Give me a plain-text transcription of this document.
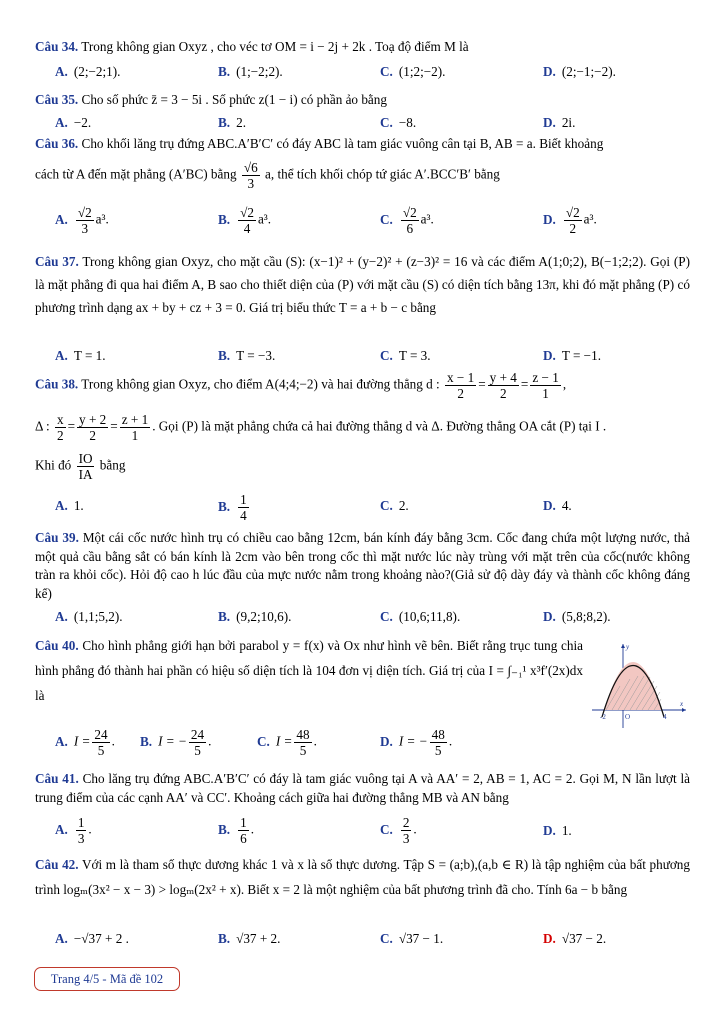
Câu 34. Trong không gian Oxyz , cho véc tơ OM = i − 2j + 2k . Toạ độ điểm M là
A. (2;−2;1).	B. (1;−2;2).	C. (1;2;−2).	D. (2;−1;−2).
Câu 35. Cho số phức z̄ = 3 − 5i . Số phức z(1 − i) có phần ảo bằng
A. −2.	B. 2.	C. −8.	D. 2i.
Câu 36. Cho khối lăng trụ đứng ABC.A′B′C′ có đáy ABC là tam giác vuông cân tại B, AB = a. Biết khoảng
cách từ A đến mặt phẳng (A′BC) bằng $\frac{√6}{3} a$, thể tích khối chóp tứ giác A′.BCC′B′ bằng
A. $\frac{√2}{3} a^3$.	B. $\frac{√2}{4} a^3$.	C. $\frac{√2}{6} a^3$.	D. $\frac{√2}{2} a^3$.
Câu 37. Trong không gian Oxyz, cho mặt cầu (S): (x−1)² + (y−2)² + (z−3)² = 16 và các điểm A(1;0;2), B(−1;2;2). Gọi (P) là mặt phẳng đi qua hai điểm A, B sao cho thiết diện của (P) với mặt cầu (S) có diện tích bằng 13π, khi đó mặt phẳng (P) có phương trình dạng ax + by + cz + 3 = 0. Giá trị biểu thức T = a + b − c bằng
A. T = 1.	B. T = −3.	C. T = 3.	D. T = −1.
Câu 38. Trong không gian Oxyz, cho điểm A(4;4;−2) và hai đường thẳng d : $\frac{x - 1}{2} = \frac{y + 4}{2} = \frac{z - 1}{1}$ ,
Δ : $\frac{x}{2} = \frac{y + 2}{2} = \frac{z + 1}{1}$ . Gọi (P) là mặt phẳng chứa cả hai đường thẳng d và Δ. Đường thẳng OA cắt (P) tại I .
Khi đó $\frac{IO}{IA}$ bằng
A. 1.	B. $\frac{1}{4}$	C. 2.	D. 4.
Câu 39. Một cái cốc nước hình trụ có chiều cao bằng 12cm, bán kính đáy bằng 3cm. Cốc đang chứa một lượng nước, thả một quả cầu bằng sắt có bán kính là 2cm vào bên trong cốc thì mặt nước lúc này trùng với mặt trên của cốc(nước không tràn ra khỏi cốc). Hỏi độ cao h lúc đầu của mực nước nằm trong khoảng nào?(Giả sử độ dày đáy và thành cốc không đáng kể)
A. (1,1;5,2).	B. (9,2;10,6).	C. (10,6;11,8).	D. (5,8;8,2).
Câu 40. Cho hình phẳng giới hạn bởi parabol y = f(x) và Ox như hình vẽ bên. Biết rằng trục tung chia hình phẳng đó thành hai phần có hiệu số diện tích là 104 đơn vị diện tích. Giá trị của I = ∫₋₁¹ x³f′(2x)dx là
y
x
O
-2	4
A. $I = \frac{24}{5}$ . B. I = − $\frac{24}{5}$ .	C. $I = \frac{48}{5}$ .	D. I = − $\frac{48}{5}$ .
Câu 41. Cho lăng trụ đứng ABC.A′B′C′ có đáy là tam giác vuông tại A và AA′ = 2, AB = 1, AC = 2. Gọi M, N lần lượt là trung điểm của các cạnh AA′ và CC′. Khoảng cách giữa hai đường thẳng MB và AN bằng
A. $\frac{1}{3}$ .	B. $\frac{1}{6}$ .	C. $\frac{2}{3}$ .	D. 1.
Câu 42. Với m là tham số thực dương khác 1 và x là số thực dương. Tập S = (a;b),(a,b ∈ R) là tập nghiệm của bất phương trình logₘ(3x² − x − 3) > logₘ(2x² + x). Biết x = 2 là một nghiệm của bất phương trình đã cho. Tính 6a − b bằng
A. −√37 + 2 .	B. √37 + 2.	C. √37 − 1.	D. √37 − 2.
Trang 4/5 - Mã đề 102
